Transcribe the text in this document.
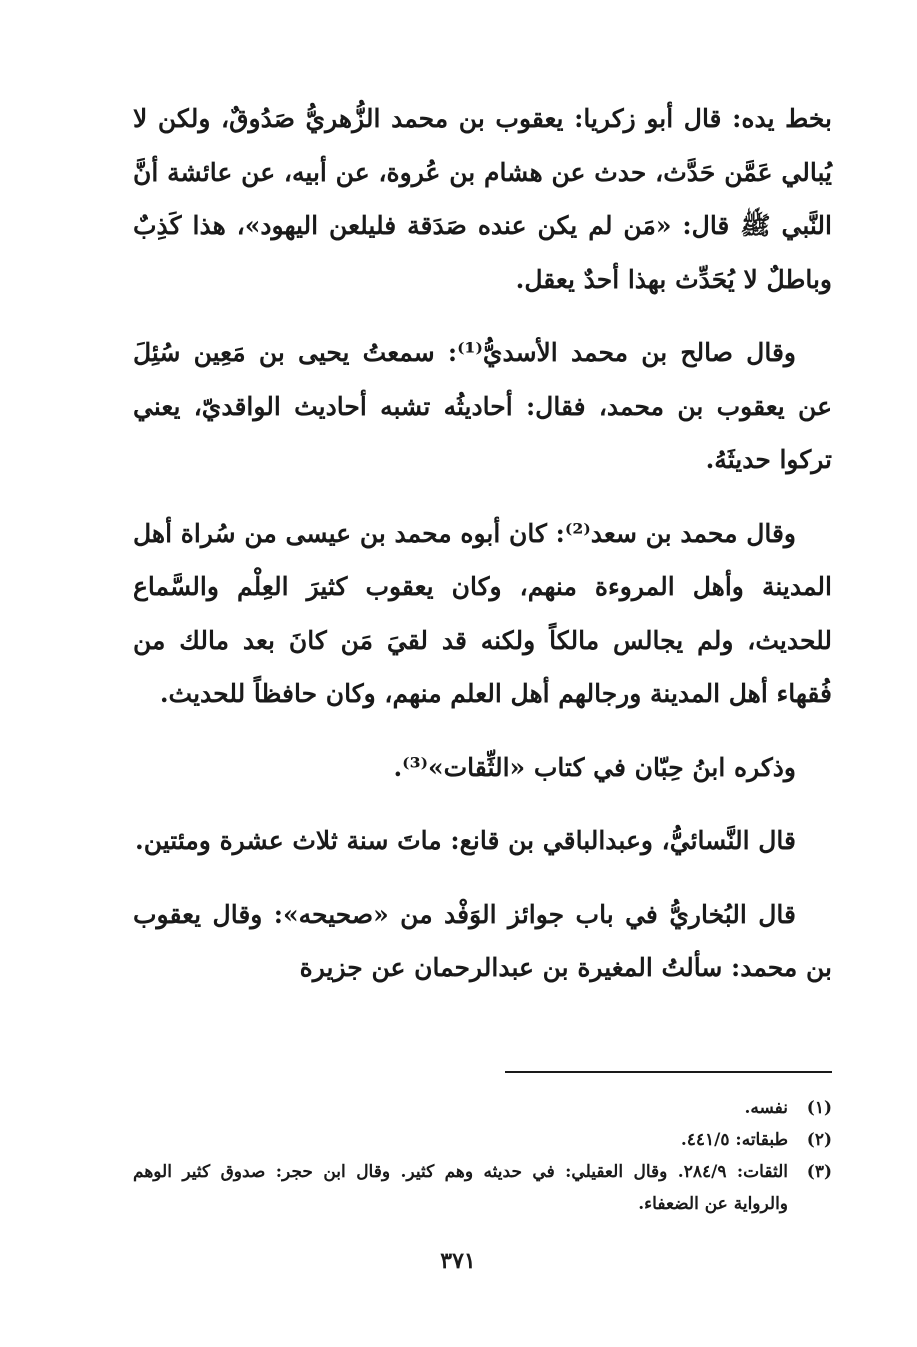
بخط يده: قال أبو زكريا: يعقوب بن محمد الزُّهريُّ صَدُوقٌ، ولكن لا يُبالي عَمَّن حَدَّث، حدث عن هشام بن عُروة، عن أبيه، عن عائشة أنَّ النَّبي ﷺ قال: «مَن لم يكن عنده صَدَقة فليلعن اليهود»، هذا كَذِبٌ وباطلٌ لا يُحَدِّث بهذا أحدٌ يعقل.

وقال صالح بن محمد الأسديُّ⁽¹⁾: سمعتُ يحيى بن مَعِين سُئِلَ عن يعقوب بن محمد، فقال: أحاديثُه تشبه أحاديث الواقديّ، يعني تركوا حديثَهُ.

وقال محمد بن سعد⁽²⁾: كان أبوه محمد بن عيسى من سُراة أهل المدينة وأهل المروءة منهم، وكان يعقوب كثيرَ العِلْم والسَّماع للحديث، ولم يجالس مالكاً ولكنه قد لقيَ مَن كانَ بعد مالك من فُقهاء أهل المدينة ورجالهم أهل العلم منهم، وكان حافظاً للحديث.

وذكره ابنُ حِبّان في كتاب «الثِّقات»⁽³⁾.

قال النَّسائيُّ، وعبدالباقي بن قانع: ماتَ سنة ثلاث عشرة ومئتين.

قال البُخاريُّ في باب جوائز الوَفْد من «صحيحه»: وقال يعقوب بن محمد: سألتُ المغيرة بن عبدالرحمان عن جزيرة

(١)
نفسه.
(٢)
طبقاته: ٤٤١/٥.
(٣)
الثقات: ٢٨٤/٩. وقال العقيلي: في حديثه وهم كثير. وقال ابن حجر: صدوق كثير الوهم والرواية عن الضعفاء.
٣٧١
